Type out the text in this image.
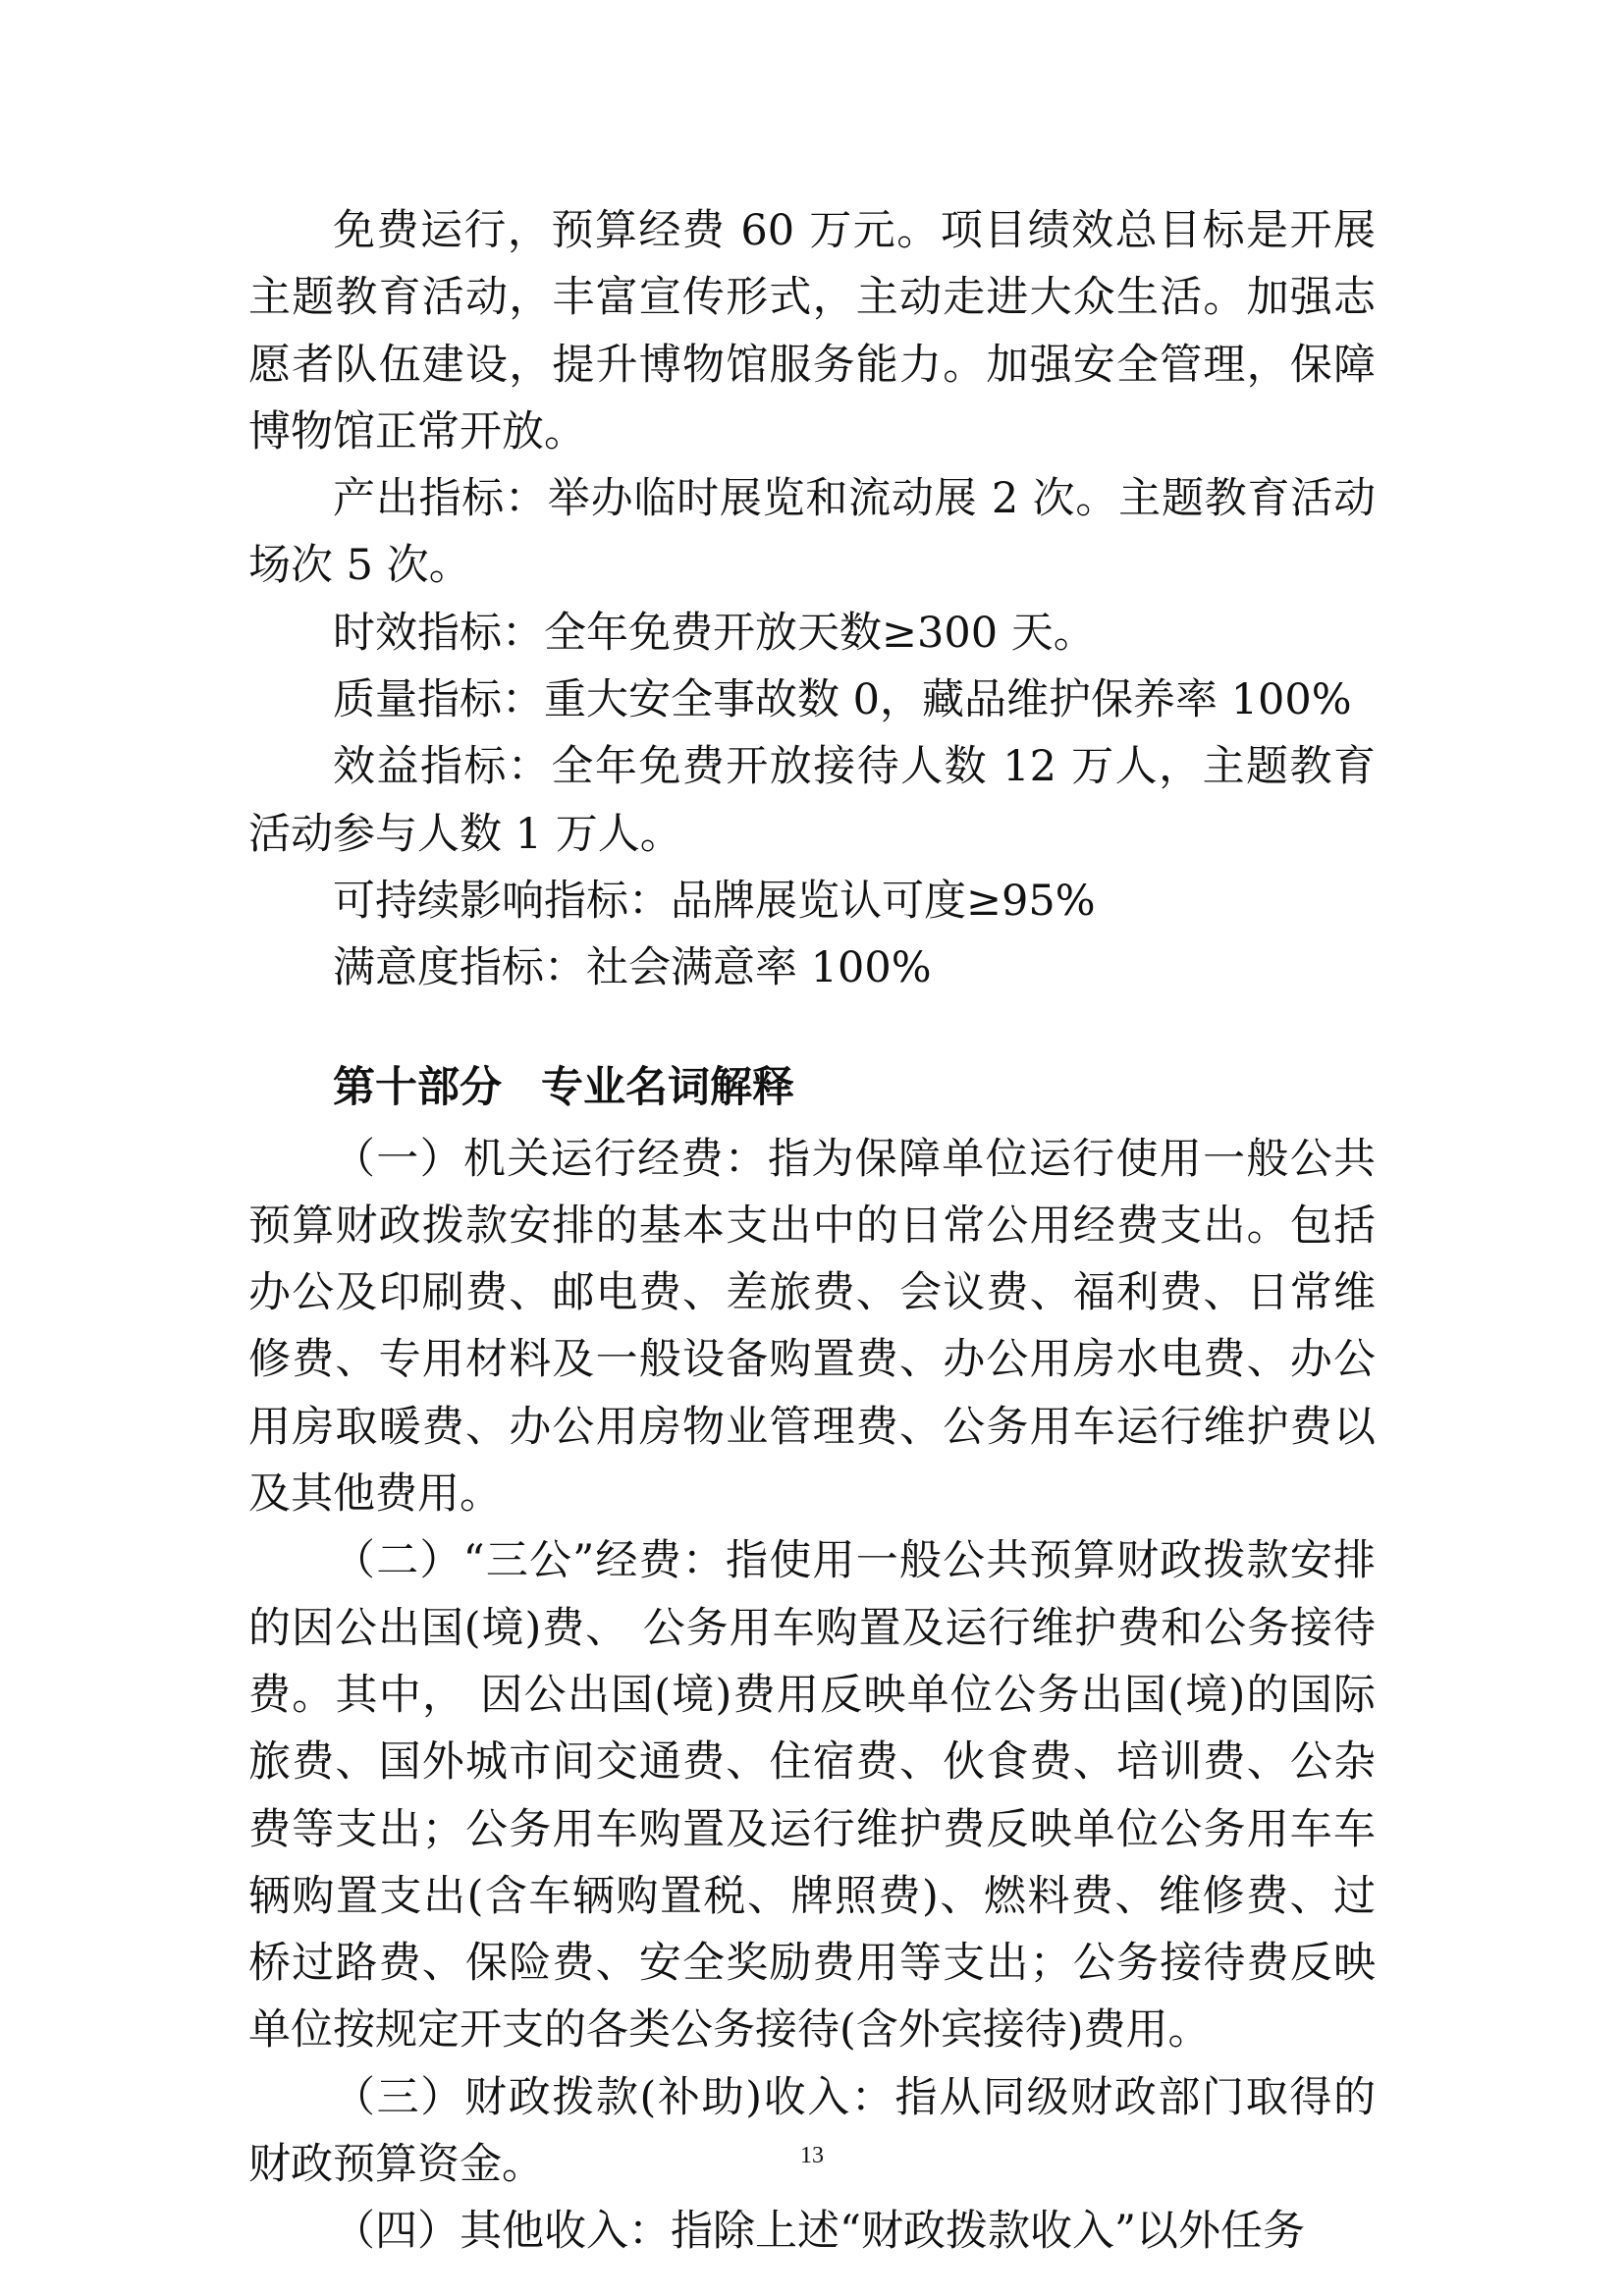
免费运行，预算经费 60 万元。项目绩效总目标是开展主题教育活动，丰富宣传形式，主动走进大众生活。加强志愿者队伍建设，提升博物馆服务能力。加强安全管理，保障博物馆正常开放。

产出指标：举办临时展览和流动展 2 次。主题教育活动场次 5 次。

时效指标：全年免费开放天数≥300 天。

质量指标：重大安全事故数 0，藏品维护保养率 100%

效益指标：全年免费开放接待人数 12 万人，主题教育活动参与人数 1 万人。

可持续影响指标：品牌展览认可度≥95%

满意度指标：社会满意率 100%

第十部分 专业名词解释

（一）机关运行经费：指为保障单位运行使用一般公共预算财政拨款安排的基本支出中的日常公用经费支出。包括办公及印刷费、邮电费、差旅费、会议费、福利费、日常维修费、专用材料及一般设备购置费、办公用房水电费、办公用房取暖费、办公用房物业管理费、公务用车运行维护费以及其他费用。

（二）“三公”经费：指使用一般公共预算财政拨款安排的因公出国(境)费、 公务用车购置及运行维护费和公务接待费。其中， 因公出国(境)费用反映单位公务出国(境)的国际旅费、国外城市间交通费、住宿费、伙食费、培训费、公杂费等支出；公务用车购置及运行维护费反映单位公务用车车辆购置支出(含车辆购置税、牌照费)、燃料费、维修费、过桥过路费、保险费、安全奖励费用等支出；公务接待费反映单位按规定开支的各类公务接待(含外宾接待)费用。

（三）财政拨款(补助)收入：指从同级财政部门取得的财政预算资金。

（四）其他收入：指除上述“财政拨款收入”以外任务

13
